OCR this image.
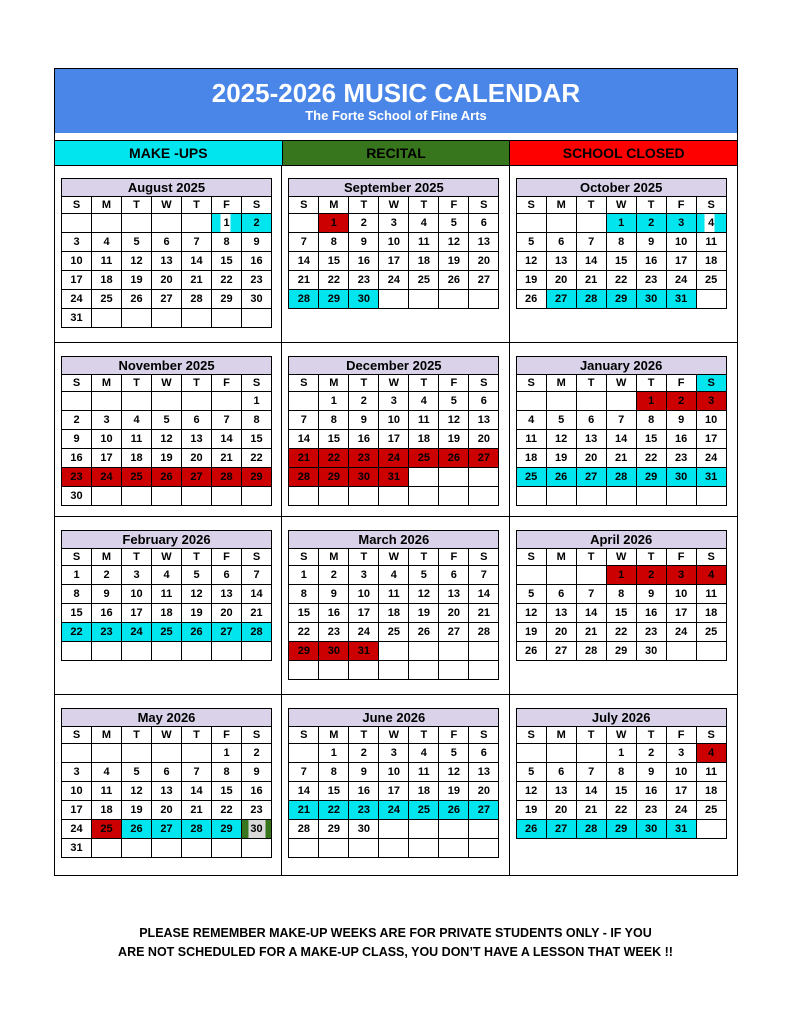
2025-2026 MUSIC CALENDAR
The Forte School of Fine Arts
MAKE -UPS	RECITAL	SCHOOL CLOSED
August 2025						
S	M	T	W	T	F	S
					1	2
3	4	5	6	7	8	9
10	11	12	13	14	15	16
17	18	19	20	21	22	23
24	25	26	27	28	29	30
31						
September 2025						
S	M	T	W	T	F	S
	1	2	3	4	5	6
7	8	9	10	11	12	13
14	15	16	17	18	19	20
21	22	23	24	25	26	27
28	29	30				
October 2025						
S	M	T	W	T	F	S
			1	2	3	4
5	6	7	8	9	10	11
12	13	14	15	16	17	18
19	20	21	22	23	24	25
26	27	28	29	30	31	
November 2025						
S	M	T	W	T	F	S
						1
2	3	4	5	6	7	8
9	10	11	12	13	14	15
16	17	18	19	20	21	22
23	24	25	26	27	28	29
30						
December 2025						
S	M	T	W	T	F	S
	1	2	3	4	5	6
7	8	9	10	11	12	13
14	15	16	17	18	19	20
21	22	23	24	25	26	27
28	29	30	31			

January 2026						
S	M	T	W	T	F	S
				1	2	3
4	5	6	7	8	9	10
11	12	13	14	15	16	17
18	19	20	21	22	23	24
25	26	27	28	29	30	31

February 2026						
S	M	T	W	T	F	S
1	2	3	4	5	6	7
8	9	10	11	12	13	14
15	16	17	18	19	20	21
22	23	24	25	26	27	28

March 2026						
S	M	T	W	T	F	S
1	2	3	4	5	6	7
8	9	10	11	12	13	14
15	16	17	18	19	20	21
22	23	24	25	26	27	28
29	30	31				

April 2026						
S	M	T	W	T	F	S
			1	2	3	4
5	6	7	8	9	10	11
12	13	14	15	16	17	18
19	20	21	22	23	24	25
26	27	28	29	30		
May 2026						
S	M	T	W	T	F	S
					1	2
3	4	5	6	7	8	9
10	11	12	13	14	15	16
17	18	19	20	21	22	23
24	25	26	27	28	29	30
31						
June 2026						
S	M	T	W	T	F	S
	1	2	3	4	5	6
7	8	9	10	11	12	13
14	15	16	17	18	19	20
21	22	23	24	25	26	27
28	29	30				

July 2026						
S	M	T	W	T	F	S
			1	2	3	4
5	6	7	8	9	10	11
12	13	14	15	16	17	18
19	20	21	22	23	24	25
26	27	28	29	30	31	
PLEASE REMEMBER MAKE-UP WEEKS ARE FOR PRIVATE STUDENTS ONLY - IF YOU
ARE NOT SCHEDULED FOR A MAKE-UP CLASS, YOU DON’T HAVE A LESSON THAT WEEK !!
